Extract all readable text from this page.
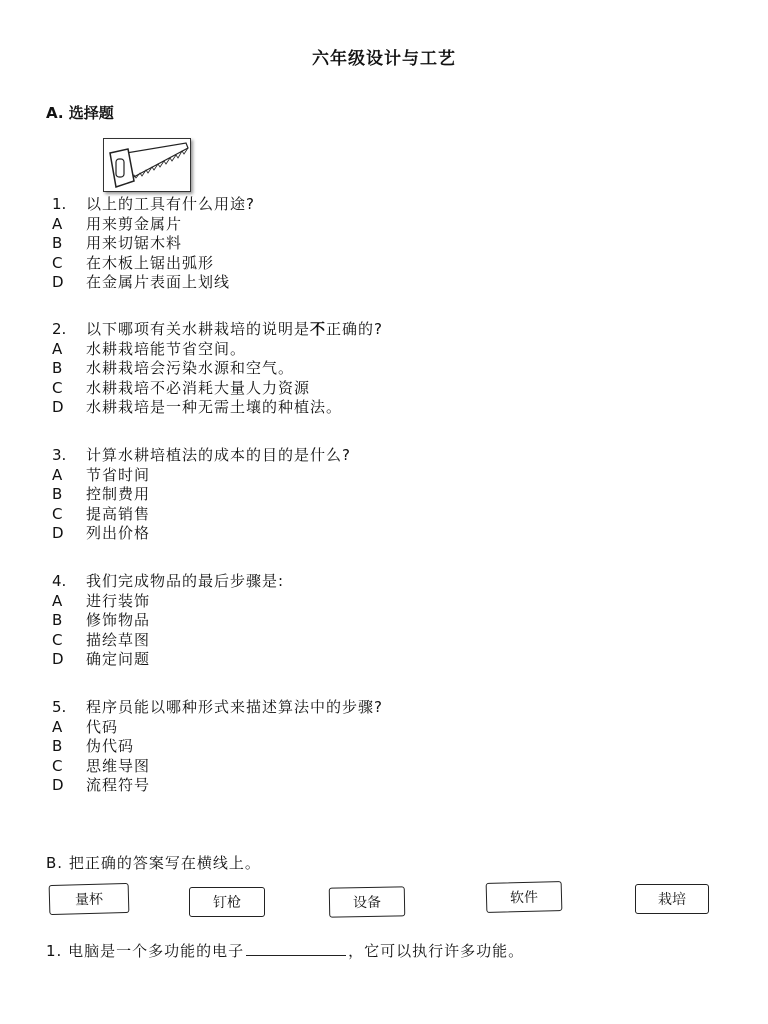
六年级设计与工艺
A. 选择题
1.	以上的工具有什么用途?
A	用来剪金属片
B	用来切锯木料
C	在木板上锯出弧形
D	在金属片表面上划线
2.	以下哪项有关水耕栽培的说明是不正确的?
A	水耕栽培能节省空间。
B	水耕栽培会污染水源和空气。
C	水耕栽培不必消耗大量人力资源
D	水耕栽培是一种无需土壤的种植法。
3.	计算水耕培植法的成本的目的是什么?
A	节省时间
B	控制费用
C	提高销售
D	列出价格
4.	我们完成物品的最后步骤是:
A	进行装饰
B	修饰物品
C	描绘草图
D	确定问题
5.	程序员能以哪种形式来描述算法中的步骤?
A	代码
B	伪代码
C	思维导图
D	流程符号
B. 把正确的答案写在横线上。
量杯	钉枪	设备	软件	栽培
1. 电脑是一个多功能的电子	，它可以执行许多功能。
